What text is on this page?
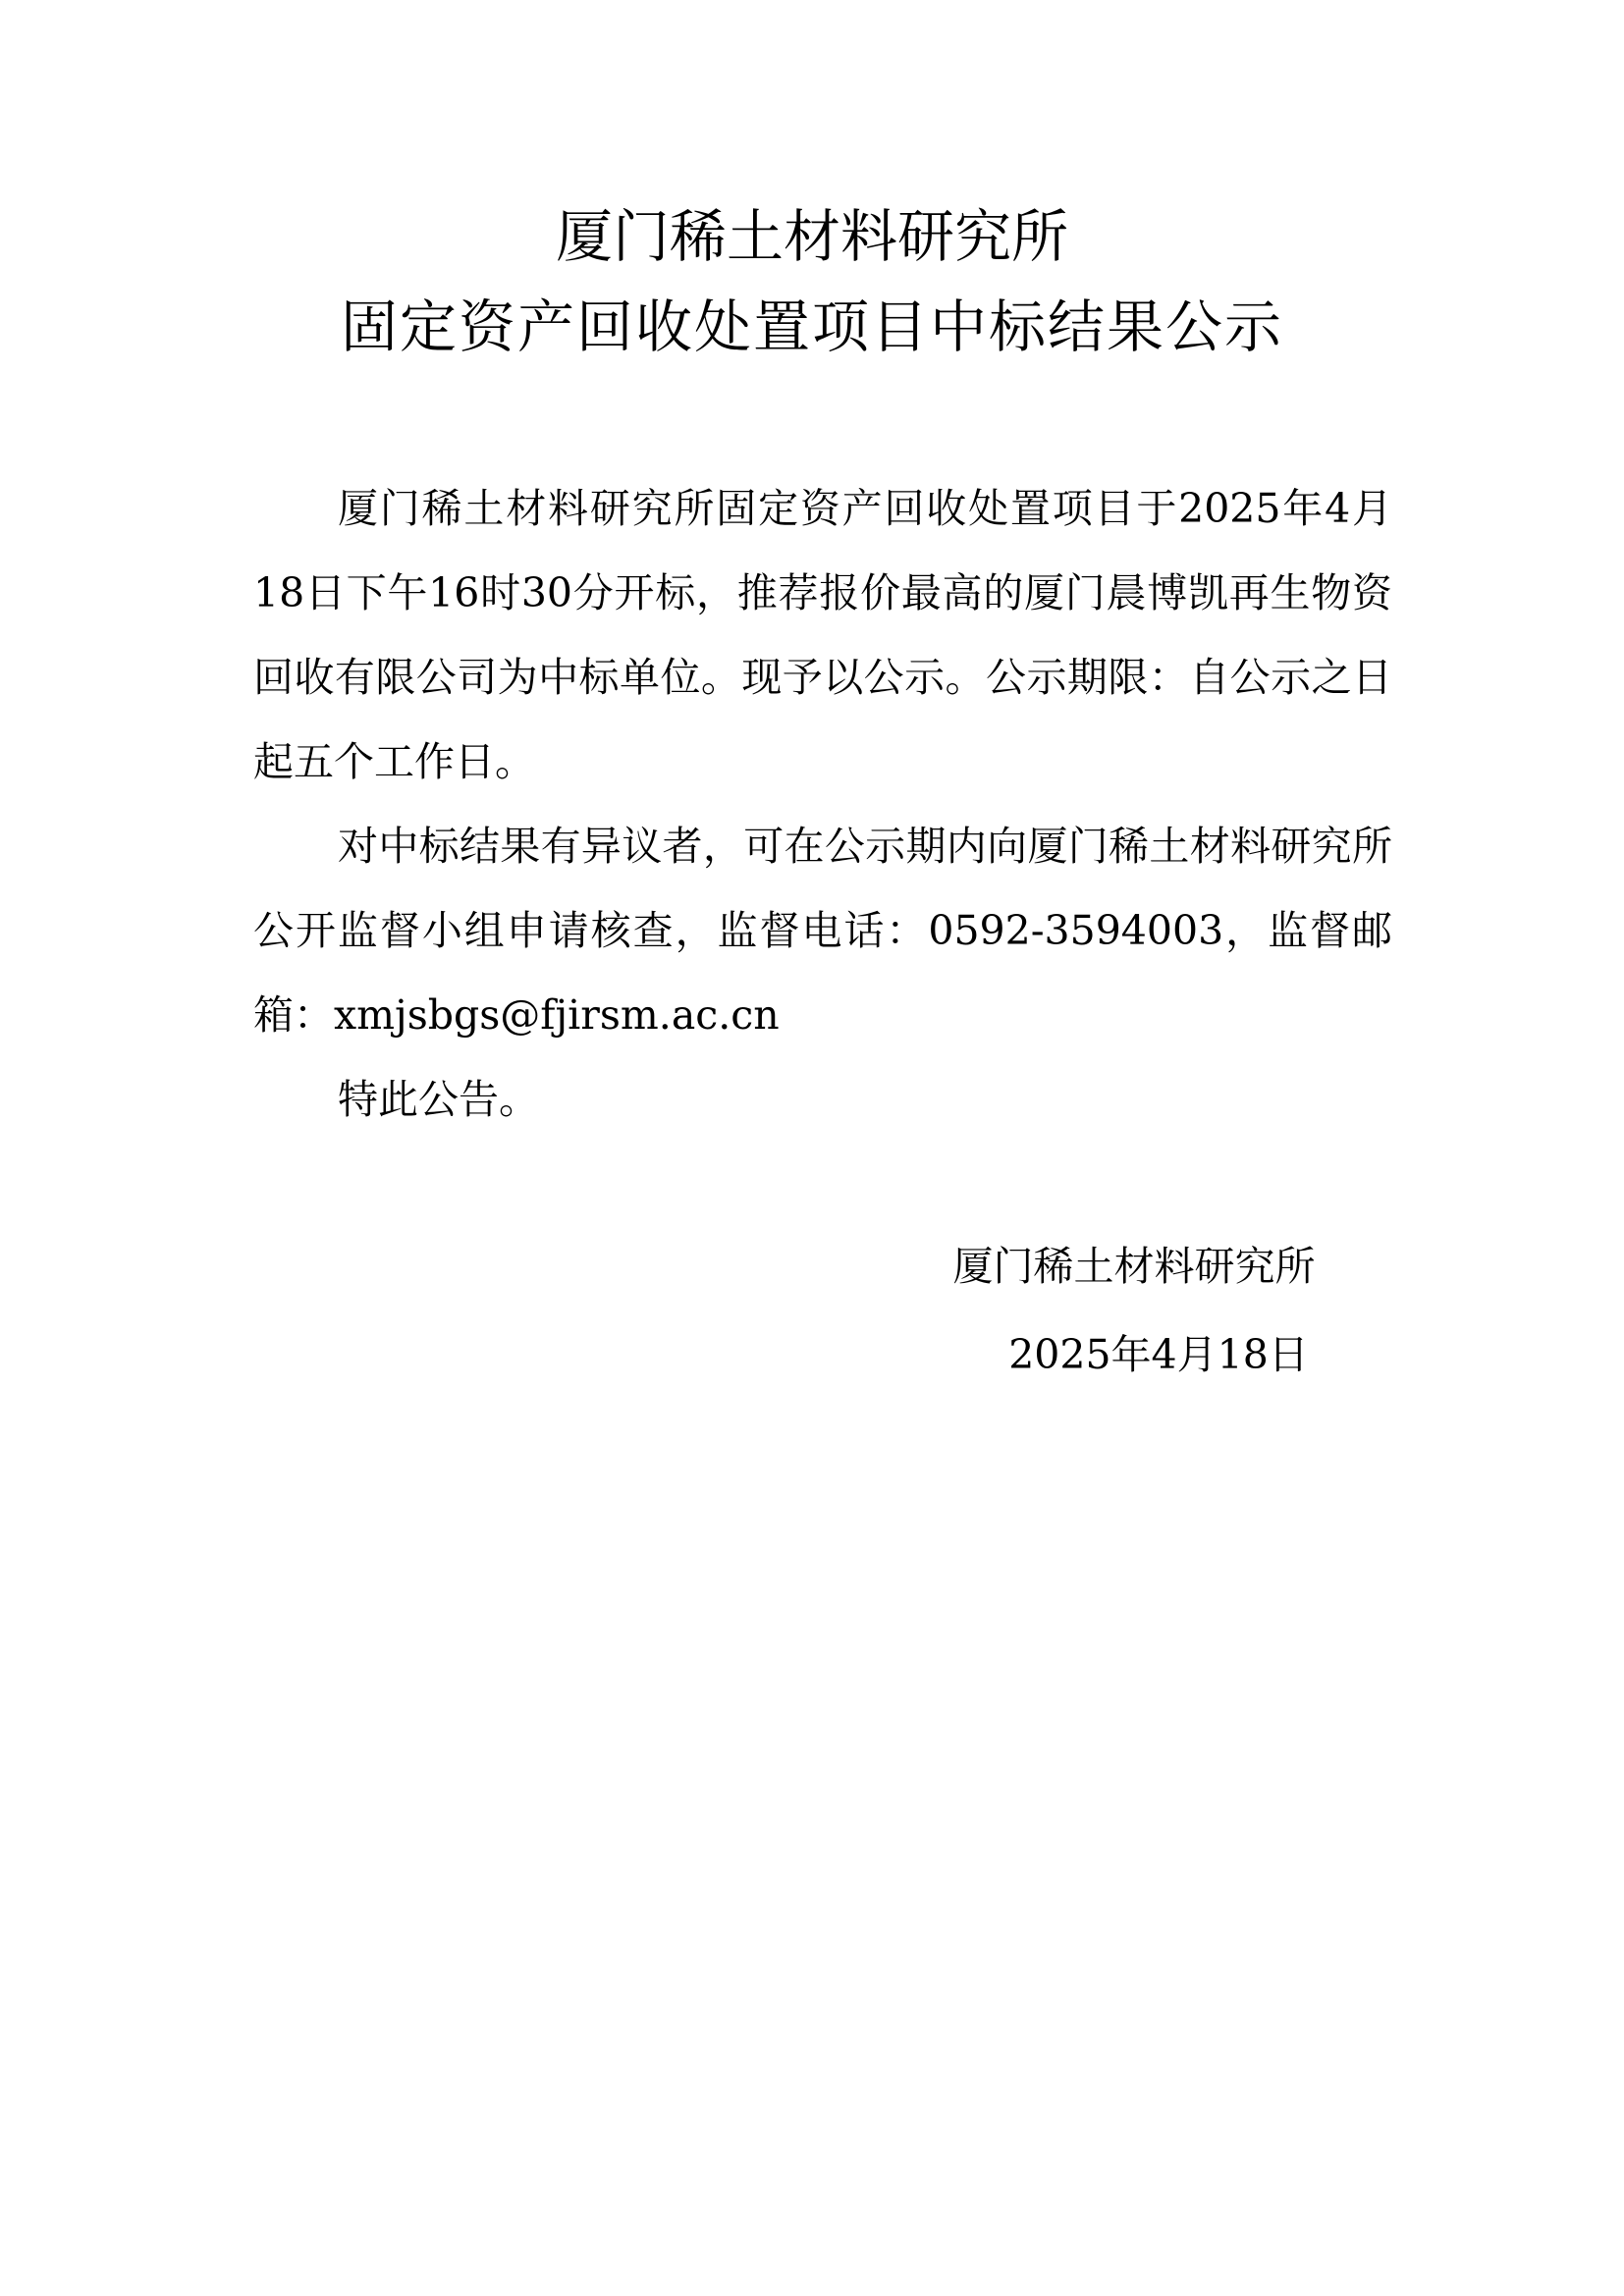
厦门稀土材料研究所
固定资产回收处置项目中标结果公示

厦门稀土材料研究所固定资产回收处置项目于2025年4月18日下午16时30分开标，推荐报价最高的厦门晨博凯再生物资回收有限公司为中标单位。现予以公示。公示期限：自公示之日起五个工作日。

对中标结果有异议者，可在公示期内向厦门稀土材料研究所公开监督小组申请核查，监督电话：0592-3594003，监督邮箱：xmjsbgs@fjirsm.ac.cn

特此公告。

厦门稀土材料研究所

2025年4月18日
